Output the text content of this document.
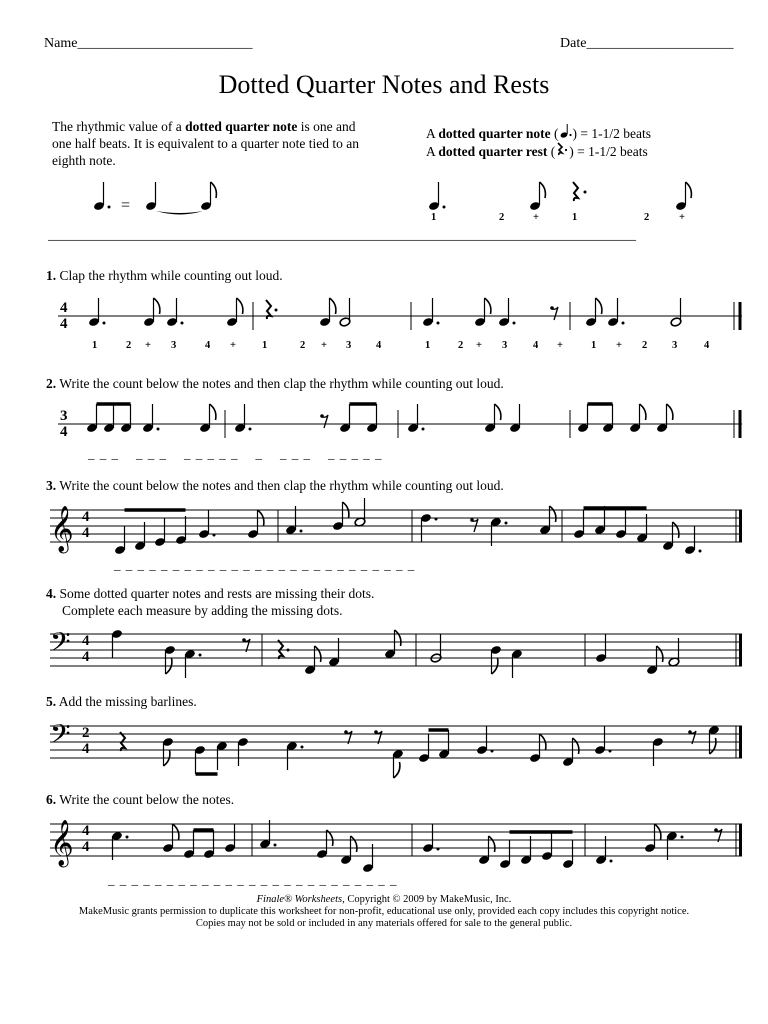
Name_________________________	Date_____________________
Dotted Quarter Notes and Rests
The rhythmic value of a dotted quarter note is one and one half beats. It is equivalent to a quarter note tied to an eighth note.
A dotted quarter note ( ) = 1-1/2 beats
A dotted quarter rest ( ) = 1-1/2 beats
=
1	2	+	1	2	+
____________________________________________________________________________________
1. Clap the rhythm while counting out loud.
4
4
1	2 + 3	4 + 1	2 + 3 4	1	2 + 3 4 +	1 + 2 3	4
2. Write the count below the notes and then clap the rhythm while counting out loud.
3
4
_ _ _    _ _ _    _ _ _ _ _    _    _ _ _    _ _ _ _ _
3. Write the count below the notes and then clap the rhythm while counting out loud.
𝄞 4
4
_ _ _ _ _ _ _ _ _ _ _ _ _ _ _ _ _ _ _ _ _ _ _ _ _ _
4. Some dotted quarter notes and rests are missing their dots.
Complete each measure by adding the missing dots.
𝄢 4
4
5. Add the missing barlines.
𝄢 2
4
6. Write the count below the notes.
𝄞 4
4
_ _ _ _ _ _ _ _ _ _ _ _ _ _ _ _ _ _ _ _ _ _ _ _ _
Finale® Worksheets, Copyright © 2009 by MakeMusic, Inc.
MakeMusic grants permission to duplicate this worksheet for non-profit, educational use only, provided each copy includes this copyright notice.
Copies may not be sold or included in any materials offered for sale to the general public.
